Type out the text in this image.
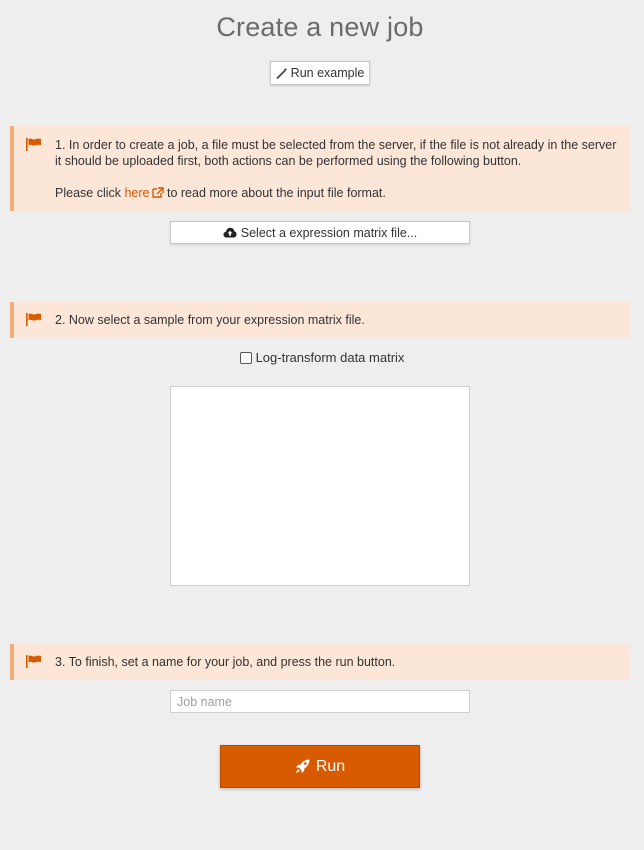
Create a new job
Run example

1. In order to create a job, a file must be selected from the server, if the file is not already in the server it should be uploaded first, both actions can be performed using the following button.

Please click here to read more about the input file format.

Select a expression matrix file...

2. Now select a sample from your expression matrix file.

Log-transform data matrix

3. To finish, set a name for your job, and press the run button.

Job name
Run
